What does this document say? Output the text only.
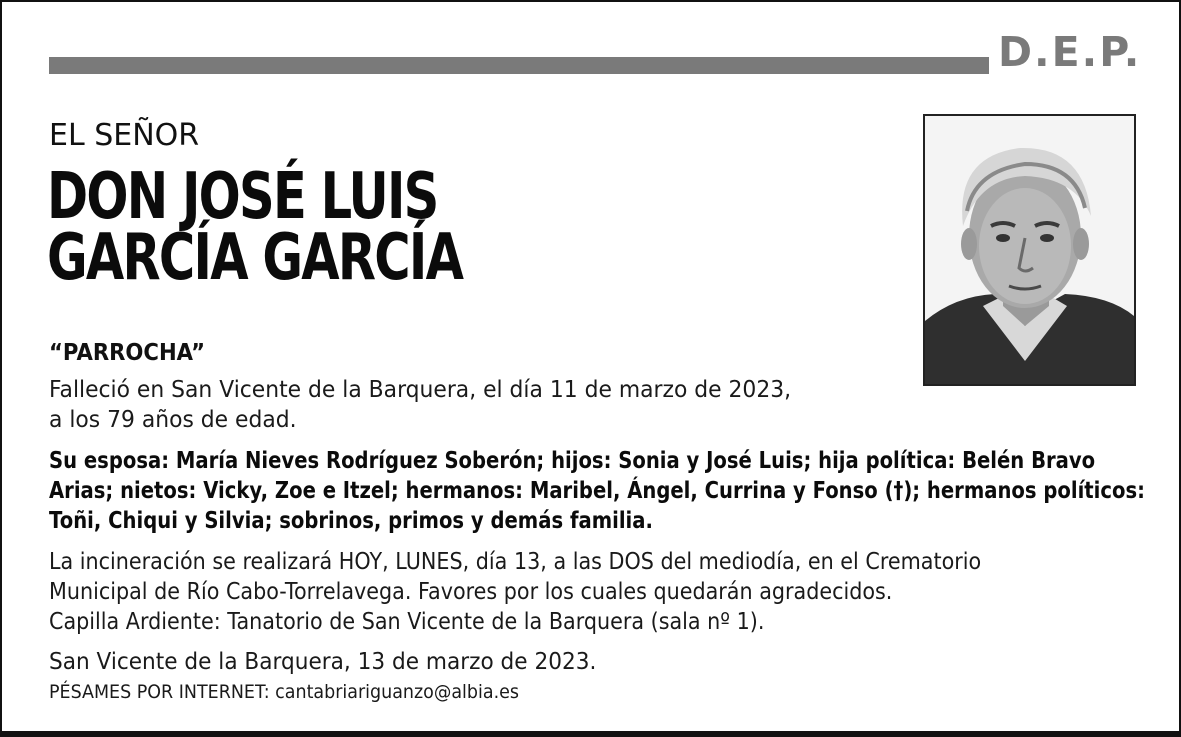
D.E.P.
EL SEÑOR
DON JOSÉ LUIS
GARCÍA GARCÍA
“PARROCHA”
Falleció en San Vicente de la Barquera, el día 11 de marzo de 2023,
a los 79 años de edad.
Su esposa: María Nieves Rodríguez Soberón; hijos: Sonia y José Luis; hija política: Belén Bravo
Arias; nietos: Vicky, Zoe e Itzel; hermanos: Maribel, Ángel, Currina y Fonso (†); hermanos políticos:
Toñi, Chiqui y Silvia; sobrinos, primos y demás familia.
La incineración se realizará HOY, LUNES, día 13, a las DOS del mediodía, en el Crematorio
Municipal de Río Cabo-Torrelavega. Favores por los cuales quedarán agradecidos.
Capilla Ardiente: Tanatorio de San Vicente de la Barquera (sala nº 1).
San Vicente de la Barquera, 13 de marzo de 2023.
PÉSAMES POR INTERNET: cantabriariguanzo@albia.es
